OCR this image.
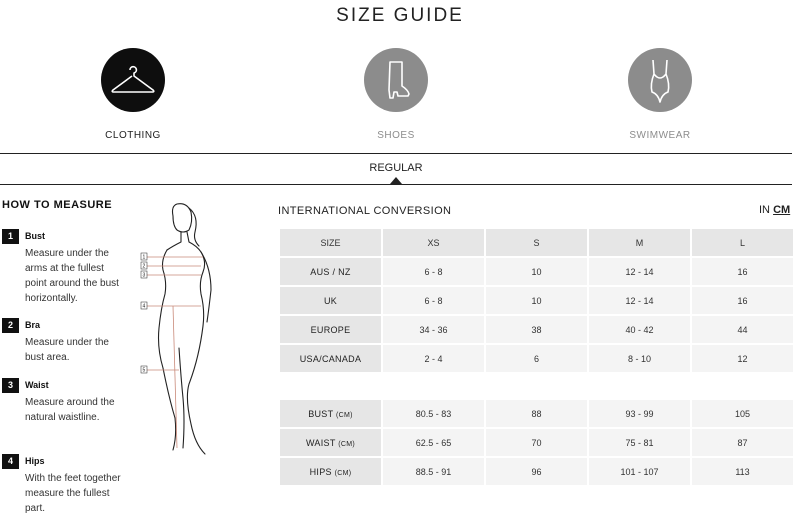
SIZE GUIDE
CLOTHING	SHOES	SWIMWEAR
REGULAR
HOW TO MEASURE
1	Bust
Measure under the arms at the fullest point around the bust horizontally.
2	Bra
Measure under the bust area.
3	Waist
Measure around the natural waistline.
4	Hips
With the feet together measure the fullest part.
1
2
3
4
5
INTERNATIONAL CONVERSION	IN CM
SIZE	XS	S	M	L
AUS / NZ	6 - 8	10	12 - 14	16
UK	6 - 8	10	12 - 14	16
EUROPE	34 - 36	38	40 - 42	44
USA/CANADA	2 - 4	6	8 - 10	12
BUST (CM)	80.5 - 83	88	93 - 99	105
WAIST (CM)	62.5 - 65	70	75 - 81	87
HIPS (CM)	88.5 - 91	96	101 - 107	113
